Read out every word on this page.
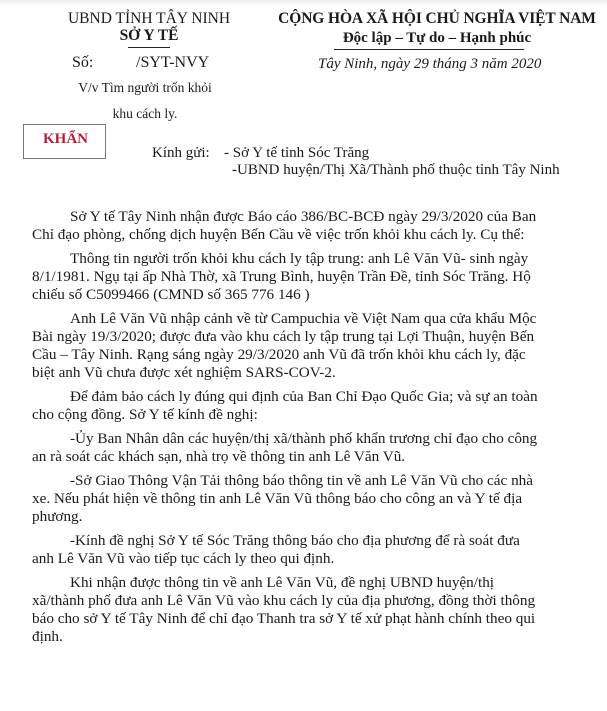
UBND TỈNH TÂY NINH
SỞ Y TẾ
Số:	/SYT-NVY
V/v Tìm người trốn khỏi
khu cách ly.
CỘNG HÒA XÃ HỘI CHỦ NGHĨA VIỆT NAM
Độc lập – Tự do – Hạnh phúc
Tây Ninh, ngày 29 tháng 3 năm 2020
KHẨN
Kính gửi: - Sở Y tế tỉnh Sóc Trăng
-UBND huyện/Thị Xã/Thành phố thuộc tỉnh Tây Ninh
Sở Y tế Tây Ninh nhận được Báo cáo 386/BC-BCĐ ngày 29/3/2020 của Ban
Chỉ đạo phòng, chống dịch huyện Bến Cầu về việc trốn khỏi khu cách ly. Cụ thể:
Thông tin người trốn khỏi khu cách ly tập trung: anh Lê Văn Vũ- sinh ngày
8/1/1981. Ngụ tại ấp Nhà Thờ, xã Trung Bình, huyện Trần Đề, tỉnh Sóc Trăng. Hộ
chiếu số C5099466 (CMND số 365 776 146 )
Anh Lê Văn Vũ nhập cảnh về từ Campuchia về Việt Nam qua cửa khẩu Mộc
Bài ngày 19/3/2020; được đưa vào khu cách ly tập trung tại Lợi Thuận, huyện Bến
Cầu – Tây Ninh. Rạng sáng ngày 29/3/2020 anh Vũ đã trốn khỏi khu cách ly, đặc
biệt anh Vũ chưa được xét nghiệm SARS-COV-2.
Để đảm bảo cách ly đúng qui định của Ban Chỉ Đạo Quốc Gia; và sự an toàn
cho cộng đồng. Sở Y tế kính đề nghị:
-Ủy Ban Nhân dân các huyện/thị xã/thành phố khẩn trương chỉ đạo cho công
an rà soát các khách sạn, nhà trọ về thông tin anh Lê Văn Vũ.
-Sở Giao Thông Vận Tải thông báo thông tin về anh Lê Văn Vũ cho các nhà
xe. Nếu phát hiện về thông tin anh Lê Văn Vũ thông báo cho công an và Y tế địa
phương.
-Kính đề nghị Sở Y tế Sóc Trăng thông báo cho địa phương để rà soát đưa
anh Lê Văn Vũ vào tiếp tục cách ly theo qui định.
Khi nhận được thông tin về anh Lê Văn Vũ, đề nghị UBND huyện/thị
xã/thành phố đưa anh Lê Văn Vũ vào khu cách ly của địa phương, đồng thời thông
báo cho sở Y tế Tây Ninh để chỉ đạo Thanh tra sở Y tế xử phạt hành chính theo qui
định.
